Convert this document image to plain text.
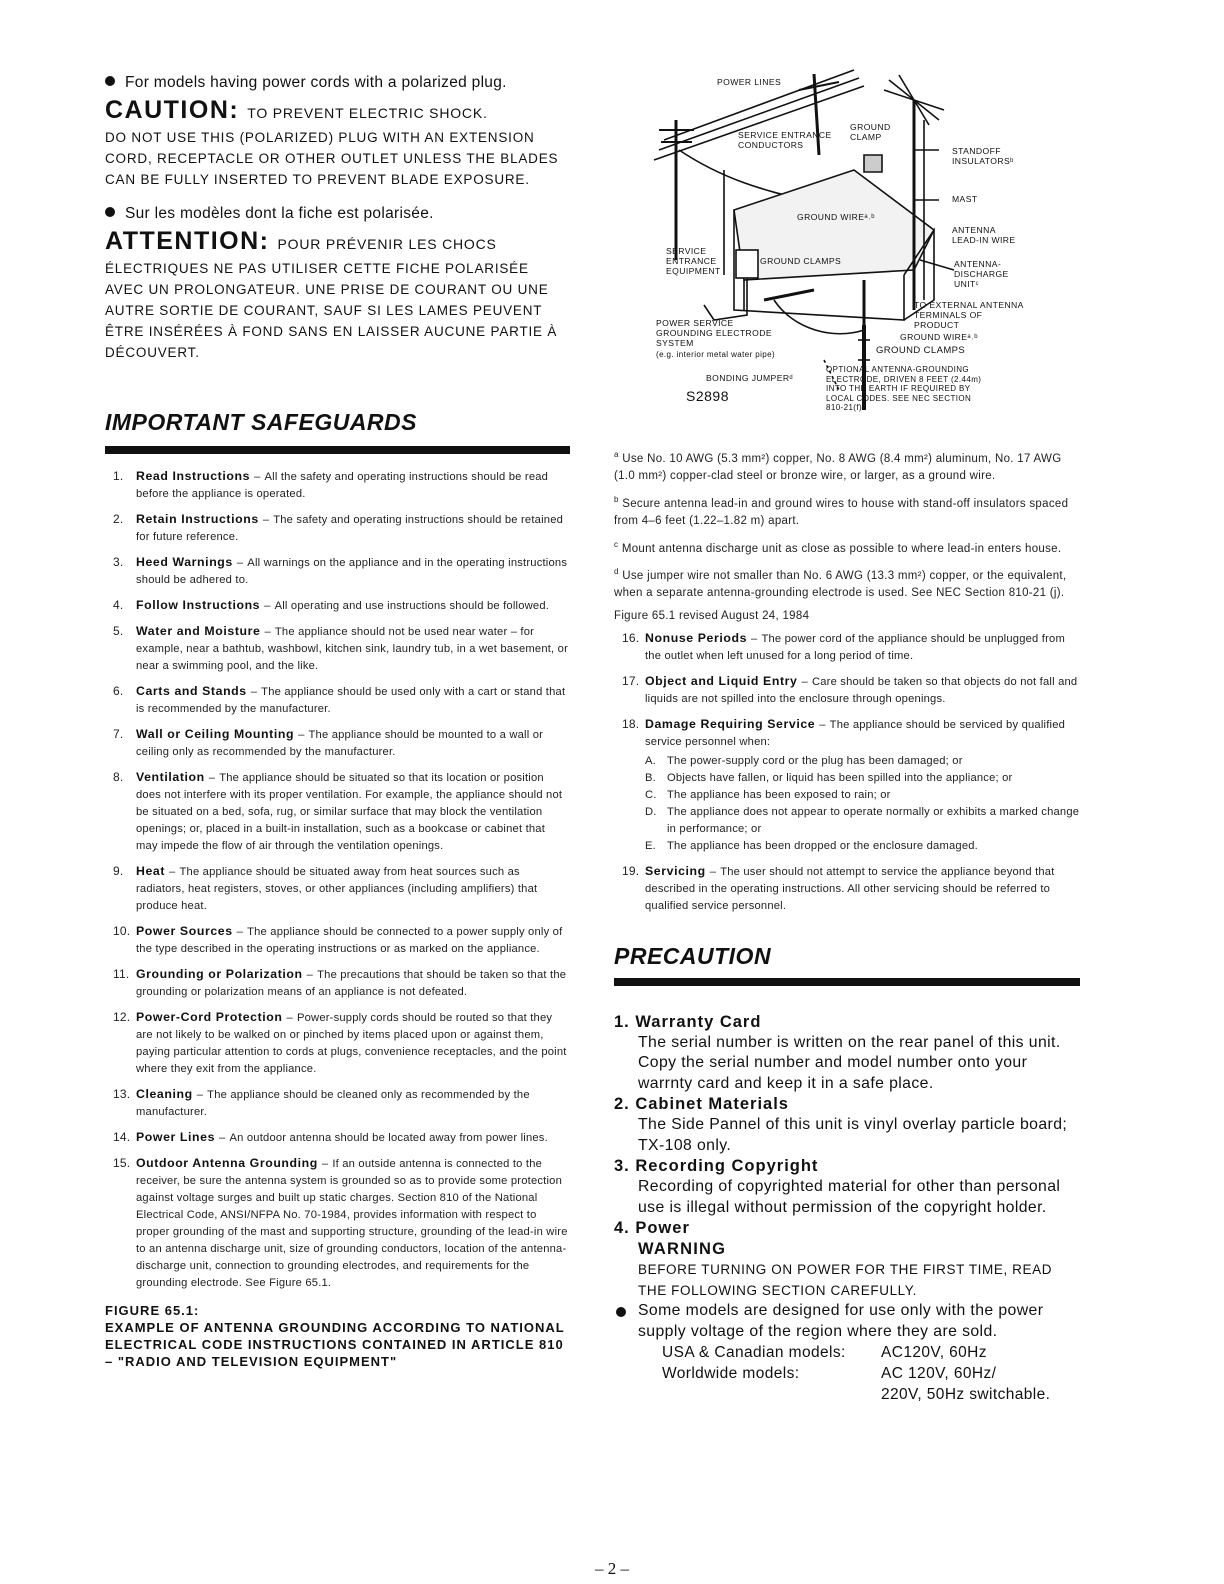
For models having power cords with a polarized plug.

CAUTION: TO PREVENT ELECTRIC SHOCK.

DO NOT USE THIS (POLARIZED) PLUG WITH AN EXTENSION CORD, RECEPTACLE OR OTHER OUTLET UNLESS THE BLADES CAN BE FULLY INSERTED TO PREVENT BLADE EXPOSURE.

Sur les modèles dont la fiche est polarisée.

ATTENTION: POUR PRÉVENIR LES CHOCS

ÉLECTRIQUES NE PAS UTILISER CETTE FICHE POLARISÉE AVEC UN PROLONGATEUR. UNE PRISE DE COURANT OU UNE AUTRE SORTIE DE COURANT, SAUF SI LES LAMES PEUVENT ÊTRE INSÉRÉES À FOND SANS EN LAISSER AUCUNE PARTIE À DÉCOUVERT.

IMPORTANT SAFEGUARDS

1. Read Instructions – All the safety and operating instructions should be read before the appliance is operated.
2. Retain Instructions – The safety and operating instructions should be retained for future reference.
3. Heed Warnings – All warnings on the appliance and in the operating instructions should be adhered to.
4. Follow Instructions – All operating and use instructions should be followed.
5. Water and Moisture – The appliance should not be used near water – for example, near a bathtub, washbowl, kitchen sink, laundry tub, in a wet basement, or near a swimming pool, and the like.
6. Carts and Stands – The appliance should be used only with a cart or stand that is recommended by the manufacturer.
7. Wall or Ceiling Mounting – The appliance should be mounted to a wall or ceiling only as recommended by the manufacturer.
8. Ventilation – The appliance should be situated so that its location or position does not interfere with its proper ventilation. For example, the appliance should not be situated on a bed, sofa, rug, or similar surface that may block the ventilation openings; or, placed in a built-in installation, such as a bookcase or cabinet that may impede the flow of air through the ventilation openings.
9. Heat – The appliance should be situated away from heat sources such as radiators, heat registers, stoves, or other appliances (including amplifiers) that produce heat.
10. Power Sources – The appliance should be connected to a power supply only of the type described in the operating instructions or as marked on the appliance.
11. Grounding or Polarization – The precautions that should be taken so that the grounding or polarization means of an appliance is not defeated.
12. Power-Cord Protection – Power-supply cords should be routed so that they are not likely to be walked on or pinched by items placed upon or against them, paying particular attention to cords at plugs, convenience receptacles, and the point where they exit from the appliance.
13. Cleaning – The appliance should be cleaned only as recommended by the manufacturer.
14. Power Lines – An outdoor antenna should be located away from power lines.
15. Outdoor Antenna Grounding – If an outside antenna is connected to the receiver, be sure the antenna system is grounded so as to provide some protection against voltage surges and built up static charges. Section 810 of the National Electrical Code, ANSI/NFPA No. 70-1984, provides information with respect to proper grounding of the mast and supporting structure, grounding of the lead-in wire to an antenna discharge unit, size of grounding conductors, location of the antenna-discharge unit, connection to grounding electrodes, and requirements for the grounding electrode. See Figure 65.1.

FIGURE 65.1:

EXAMPLE OF ANTENNA GROUNDING ACCORDING TO NATIONAL ELECTRICAL CODE INSTRUCTIONS CONTAINED IN ARTICLE 810 – "RADIO AND TELEVISION EQUIPMENT"

POWER LINES
SERVICE ENTRANCE
CONDUCTORS
GROUND
CLAMP
STANDOFF
INSULATORSᵇ
MAST
GROUND WIREᵃ˒ᵇ
ANTENNA
LEAD-IN WIRE
SERVICE
ENTRANCE
EQUIPMENT
GROUND CLAMPS	ANTENNA-
DISCHARGE
UNITᶜ
TO EXTERNAL ANTENNA
TERMINALS OF
PRODUCT
POWER SERVICE
GROUNDING ELECTRODE
SYSTEM
(e.g. interior metal water pipe)
GROUND WIREᵃ˒ᵇ
GROUND CLAMPS
BONDING JUMPERᵈ
OPTIONAL ANTENNA-GROUNDING
ELECTRODE, DRIVEN 8 FEET (2.44m)
INTO THE EARTH IF REQUIRED BY
LOCAL CODES. SEE NEC SECTION
810-21(f)
S2898

$^a$ Use No. 10 AWG (5.3 mm²) copper, No. 8 AWG (8.4 mm²) aluminum, No. 17 AWG (1.0 mm²) copper-clad steel or bronze wire, or larger, as a ground wire.

$^b$ Secure antenna lead-in and ground wires to house with stand-off insulators spaced from 4–6 feet (1.22–1.82 m) apart.

$^c$ Mount antenna discharge unit as close as possible to where lead-in enters house.

$^d$ Use jumper wire not smaller than No. 6 AWG (13.3 mm²) copper, or the equivalent, when a separate antenna-grounding electrode is used. See NEC Section 810-21 (j).

Figure 65.1 revised August 24, 1984

16. Nonuse Periods – The power cord of the appliance should be unplugged from the outlet when left unused for a long period of time.
17. Object and Liquid Entry – Care should be taken so that objects do not fall and liquids are not spilled into the enclosure through openings.
18. Damage Requiring Service – The appliance should be serviced by qualified service personnel when:
A. The power-supply cord or the plug has been damaged; or
B. Objects have fallen, or liquid has been spilled into the appliance; or
C. The appliance has been exposed to rain; or
D. The appliance does not appear to operate normally or exhibits a marked change in performance; or
E. The appliance has been dropped or the enclosure damaged.
19. Servicing – The user should not attempt to service the appliance beyond that described in the operating instructions. All other servicing should be referred to qualified service personnel.

PRECAUTION

1. Warranty Card

The serial number is written on the rear panel of this unit. Copy the serial number and model number onto your warrnty card and keep it in a safe place.

2. Cabinet Materials

The Side Pannel of this unit is vinyl overlay particle board; TX-108 only.

3. Recording Copyright

Recording of copyrighted material for other than personal use is illegal without permission of the copyright holder.

4. Power

WARNING

BEFORE TURNING ON POWER FOR THE FIRST TIME, READ THE FOLLOWING SECTION CAREFULLY.

Some models are designed for use only with the power supply voltage of the region where they are sold.

USA & Canadian models:	AC120V, 60Hz
Worldwide models:	AC 120V, 60Hz/
220V, 50Hz switchable.
– 2 –
